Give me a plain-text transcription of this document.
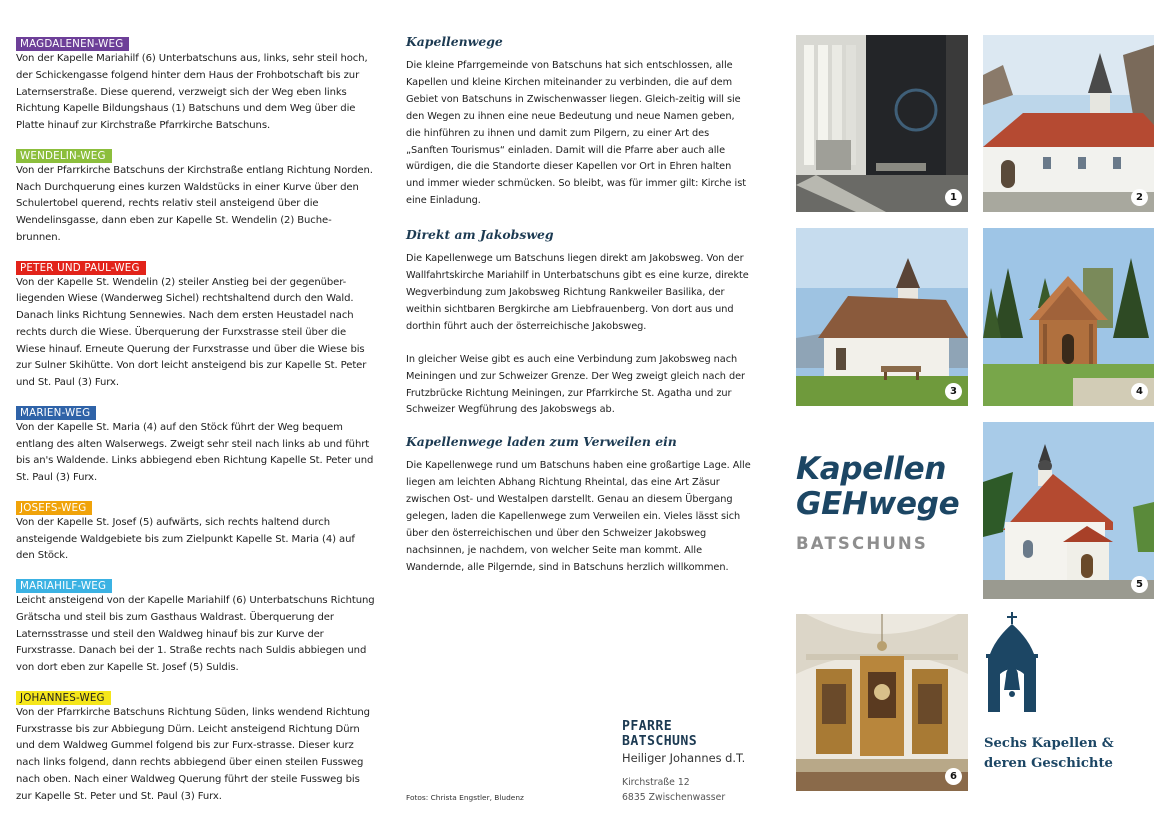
MAGDALENEN-WEG

Von der Kapelle Mariahilf (6) Unterbatschuns aus, links, sehr steil hoch, der Schickengasse folgend hinter dem Haus der Frohbotschaft bis zur Laternserstraße. Diese querend, verzweigt sich der Weg eben links Richtung Kapelle Bildungshaus (1) Batschuns und dem Weg über die Platte hinauf zur Kirchstraße Pfarrkirche Batschuns.

WENDELIN-WEG

Von der Pfarrkirche Batschuns der Kirchstraße entlang Richtung Norden. Nach Durchquerung eines kurzen Waldstücks in einer Kurve über den Schulertobel querend, rechts relativ steil ansteigend über die Wendelinsgasse, dann eben zur Kapelle St. Wendelin (2) Buche-brunnen.

PETER UND PAUL-WEG

Von der Kapelle St. Wendelin (2) steiler Anstieg bei der gegenüber-liegenden Wiese (Wanderweg Sichel) rechtshaltend durch den Wald. Danach links Richtung Sennewies. Nach dem ersten Heustadel nach rechts durch die Wiese. Überquerung der Furxstrasse steil über die Wiese hinauf. Erneute Querung der Furxstrasse und über die Wiese bis zur Sulner Skihütte. Von dort leicht ansteigend bis zur Kapelle St. Peter und St. Paul (3) Furx.

MARIEN-WEG

Von der Kapelle St. Maria (4) auf den Stöck führt der Weg bequem entlang des alten Walserwegs. Zweigt sehr steil nach links ab und führt bis an's Waldende. Links abbiegend eben Richtung Kapelle St. Peter und St. Paul (3) Furx.

JOSEFS-WEG

Von der Kapelle St. Josef (5) aufwärts, sich rechts haltend durch ansteigende Waldgebiete bis zum Zielpunkt Kapelle St. Maria (4) auf den Stöck.

MARIAHILF-WEG

Leicht ansteigend von der Kapelle Mariahilf (6) Unterbatschuns Richtung Grätscha und steil bis zum Gasthaus Waldrast. Überquerung der Laternsstrasse und steil den Waldweg hinauf bis zur Kurve der Furxstrasse. Danach bei der 1. Straße rechts nach Suldis abbiegen und von dort eben zur Kapelle St. Josef (5) Suldis.

JOHANNES-WEG

Von der Pfarrkirche Batschuns Richtung Süden, links wendend Richtung Furxstrasse bis zur Abbiegung Dürn. Leicht ansteigend Richtung Dürn und dem Waldweg Gummel folgend bis zur Furx-strasse. Dieser kurz nach links folgend, dann rechts abbiegend über einen steilen Fussweg nach oben. Nach einer Waldweg Querung führt der steile Fussweg bis zur Kapelle St. Peter und St. Paul (3) Furx.

Kapellenwege

Die kleine Pfarrgemeinde von Batschuns hat sich entschlossen, alle Kapellen und kleine Kirchen miteinander zu verbinden, die auf dem Gebiet von Batschuns in Zwischenwasser liegen. Gleich-zeitig will sie den Wegen zu ihnen eine neue Bedeutung und neue Namen geben, die hinführen zu ihnen und damit zum Pilgern, zu einer Art des „Sanften Tourismus“ einladen. Damit will die Pfarre aber auch alle würdigen, die die Standorte dieser Kapellen vor Ort in Ehren halten und immer wieder schmücken. So bleibt, was für immer gilt: Kirche ist eine Einladung.

Direkt am Jakobsweg

Die Kapellenwege um Batschuns liegen direkt am Jakobsweg. Von der Wallfahrtskirche Mariahilf in Unterbatschuns gibt es eine kurze, direkte Wegverbindung zum Jakobsweg Richtung Rankweiler Basilika, der weithin sichtbaren Bergkirche am Liebfrauenberg. Von dort aus und dorthin führt auch der österreichische Jakobsweg.

In gleicher Weise gibt es auch eine Verbindung zum Jakobsweg nach Meiningen und zur Schweizer Grenze. Der Weg zweigt gleich nach der Frutzbrücke Richtung Meiningen, zur Pfarrkirche St. Agatha und zur Schweizer Wegführung des Jakobswegs ab.

Kapellenwege laden zum Verweilen ein

Die Kapellenwege rund um Batschuns haben eine großartige Lage. Alle liegen am leichten Abhang Richtung Rheintal, das eine Art Zäsur zwischen Ost- und Westalpen darstellt. Genau an diesem Übergang gelegen, laden die Kapellenwege zum Verweilen ein. Vieles lässt sich über den österreichischen und über den Schweizer Jakobsweg nachsinnen, je nachdem, von welcher Seite man kommt. Alle Wandernde, alle Pilgernde, sind in Batschuns herzlich willkommen.

PFARRE
BATSCHUNS
Heiliger Johannes d.T.
Kirchstraße 12
6835 Zwischenwasser
Fotos: Christa Engstler, Bludenz
1	2
3	4
5
6
Kapellen
GEHwege
BATSCHUNS
Sechs Kapellen &
deren Geschichte
